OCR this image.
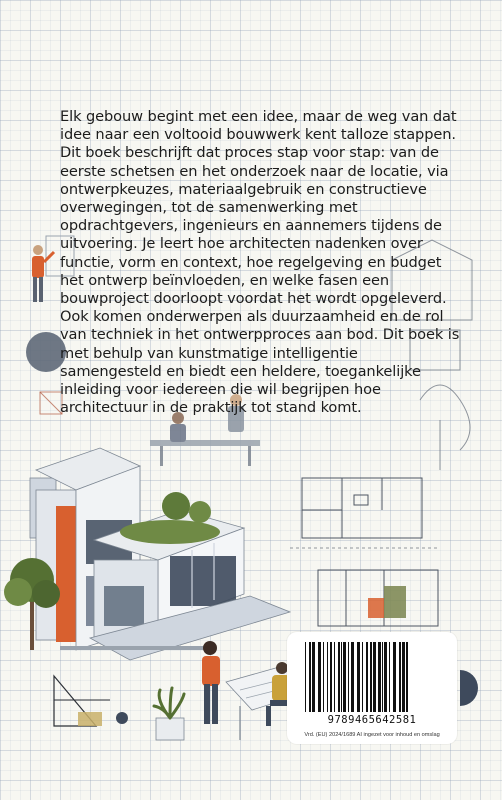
Elk gebouw begint met een idee, maar de weg van dat idee naar een voltooid bouwwerk kent talloze stappen. Dit boek beschrijft dat proces stap voor stap: van de eerste schetsen en het onderzoek naar de locatie, via ontwerpkeuzes, materiaalgebruik en constructieve overwegingen, tot de samenwerking met opdrachtgevers, ingenieurs en aannemers tijdens de uitvoering. Je leert hoe architecten nadenken over functie, vorm en context, hoe regelgeving en budget het ontwerp beïnvloeden, en welke fasen een bouwproject doorloopt voordat het wordt opgeleverd. Ook komen onderwerpen als duurzaamheid en de rol van techniek in het ontwerpproces aan bod. Dit boek is met behulp van kunstmatige intelligentie samengesteld en biedt een heldere, toegankelijke inleiding voor iedereen die wil begrijpen hoe architectuur in de praktijk tot stand komt.

9789465642581
Vrd. (EU) 2024/1689 AI ingezet voor inhoud en omslag
